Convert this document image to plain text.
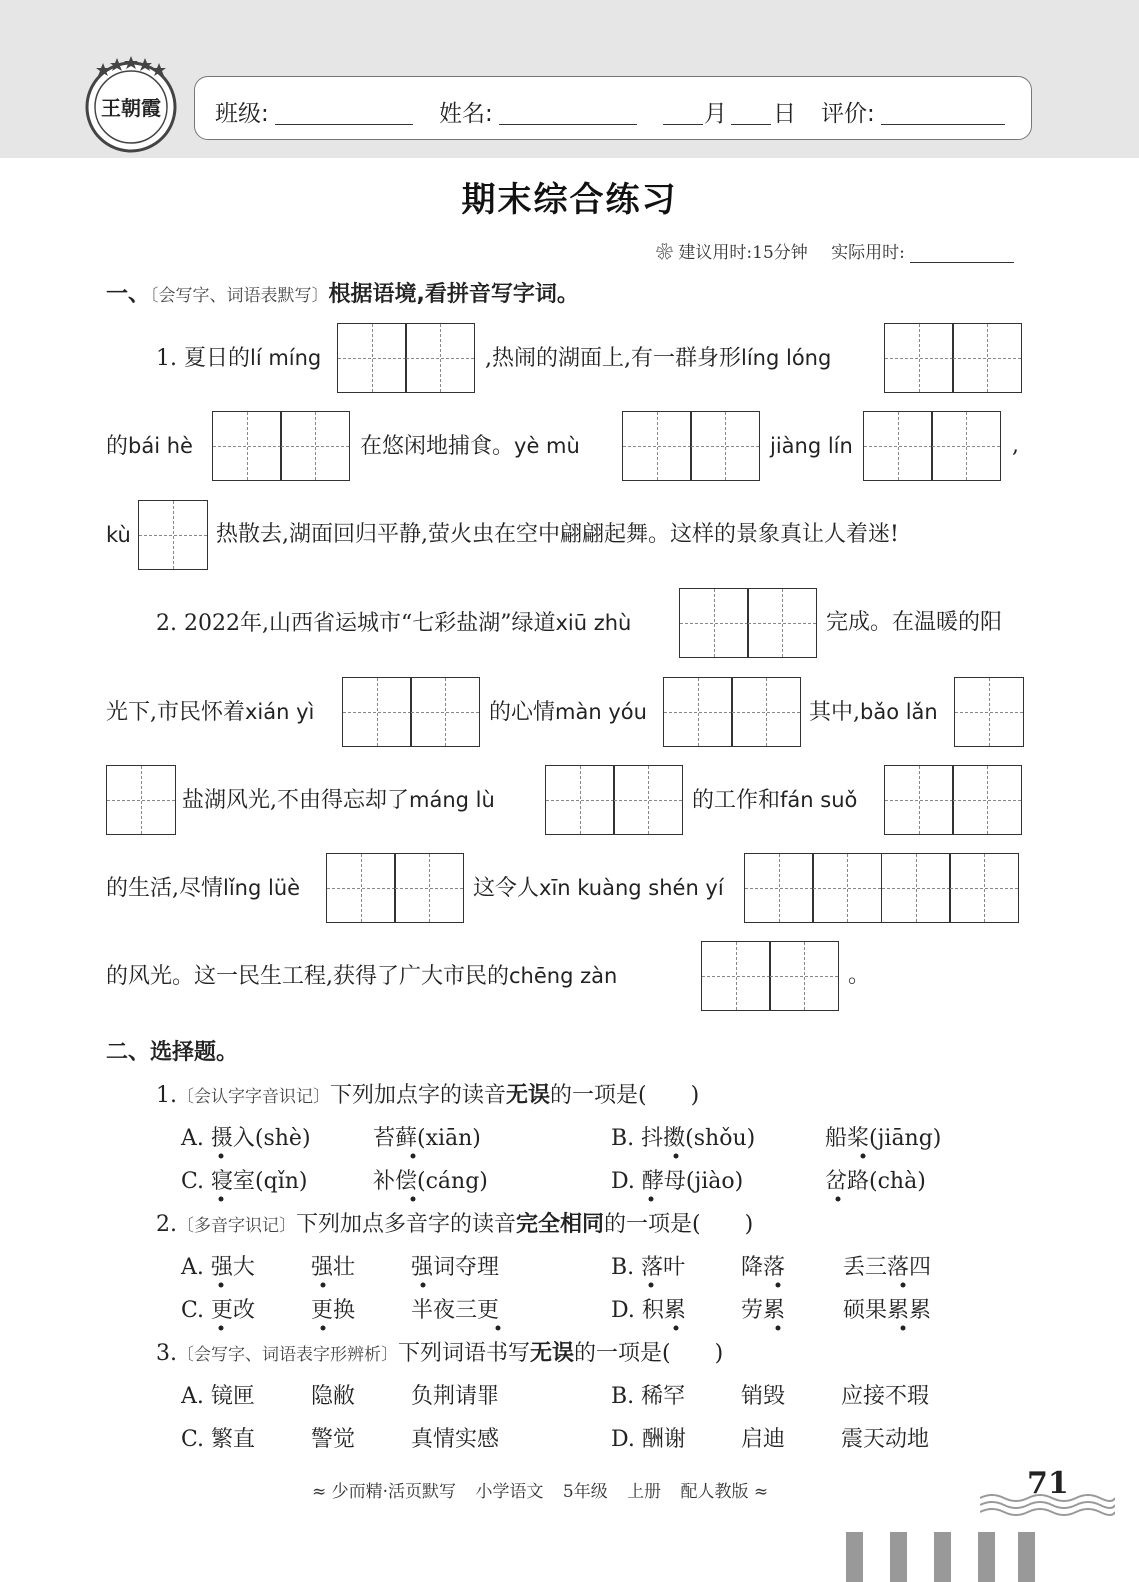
王朝霞 班级:	姓名:	月 日 评价:
期末综合练习
❀ 建议用时:15分钟 实际用时:
一、〔会写字、词语表默写〕根据语境,看拼音写字词。
1. 夏日的lí míng	,热闹的湖面上,有一群身形líng lóng
的bái hè	在悠闲地捕食。yè mù	jiàng lín	,
kù	热散去,湖面回归平静,萤火虫在空中翩翩起舞。这样的景象真让人着迷!
2. 2022年,山西省运城市“七彩盐湖”绿道xiū zhù	完成。在温暖的阳
光下,市民怀着xián yì	的心情màn yóu	其中,bǎo lǎn
盐湖风光,不由得忘却了máng lù	的工作和fán suǒ
的生活,尽情lǐng lüè	这令人xīn kuàng shén yí
的风光。这一民生工程,获得了广大市民的chēng zàn	。
二、选择题。
1.〔会认字字音识记〕下列加点字的读音无误的一项是(　　)
A. 摄入(shè)	苔藓(xiān)	B. 抖擞(shǒu)	船桨(jiāng)
C. 寝室(qǐn)	补偿(cáng)	D. 酵母(jiào)	岔路(chà)
2.〔多音字识记〕下列加点多音字的读音完全相同的一项是(　　)
A. 强大	强壮	强词夺理	B. 落叶	降落	丢三落四
C. 更改	更换	半夜三更	D. 积累	劳累	硕果累累
3.〔会写字、词语表字形辨析〕下列词语书写无误的一项是(　　)
A. 镜匣	隐敝	负荆请罪	B. 稀罕	销毁	应接不瑕
C. 繁直	警觉	真情实感	D. 酬谢	启迪	震天动地
≈ 少而精·活页默写 小学语文 5年级 上册 配人教版 ≈	71
